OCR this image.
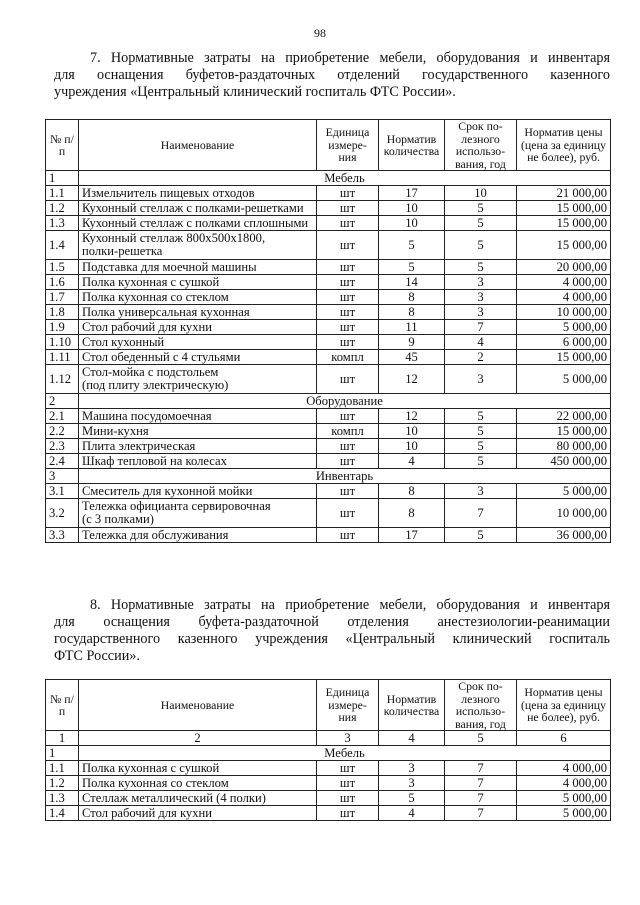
98
7. Нормативные затраты на приобретение мебели, оборудования и инвентаря
для оснащения буфетов-раздаточных отделений государственного казенного
учреждения «Центральный клинический госпиталь ФТС России».
№ п/п	Наименование	Единица измере-ния	Норматив количества	Срок по-лезного использо-вания, год	Норматив цены (цена за единицу не более), руб.
1	Мебель				
1.1	Измельчитель пищевых отходов	шт	17	10	21 000,00
1.2	Кухонный стеллаж с полками-решетками	шт	10	5	15 000,00
1.3	Кухонный стеллаж с полками сплошными	шт	10	5	15 000,00
1.4	Кухонный стеллаж 800х500х1800,
полки-решетка	шт	5	5	15 000,00
1.5	Подставка для моечной машины	шт	5	5	20 000,00
1.6	Полка кухонная с сушкой	шт	14	3	4 000,00
1.7	Полка кухонная со стеклом	шт	8	3	4 000,00
1.8	Полка универсальная кухонная	шт	8	3	10 000,00
1.9	Стол рабочий для кухни	шт	11	7	5 000,00
1.10	Стол кухонный	шт	9	4	6 000,00
1.11	Стол обеденный с 4 стульями	компл	45	2	15 000,00
1.12	Стол-мойка с подстольем
(под плиту электрическую)	шт	12	3	5 000,00
2	Оборудование				
2.1	Машина посудомоечная	шт	12	5	22 000,00
2.2	Мини-кухня	компл	10	5	15 000,00
2.3	Плита электрическая	шт	10	5	80 000,00
2.4	Шкаф тепловой на колесах	шт	4	5	450 000,00
3	Инвентарь				
3.1	Смеситель для кухонной мойки	шт	8	3	5 000,00
3.2	Тележка официанта сервировочная
(с 3 полками)	шт	8	7	10 000,00
3.3	Тележка для обслуживания	шт	17	5	36 000,00
8. Нормативные затраты на приобретение мебели, оборудования и инвентаря
для оснащения буфета-раздаточной отделения анестезиологии-реанимации
государственного казенного учреждения «Центральный клинический госпиталь
ФТС России».
№ п/п	Наименование	Единица измере-ния	Норматив количества	Срок по-лезного использо-вания, год	Норматив цены (цена за единицу не более), руб.
1	2	3	4	5	6
1	Мебель				
1.1	Полка кухонная с сушкой	шт	3	7	4 000,00
1.2	Полка кухонная со стеклом	шт	3	7	4 000,00
1.3	Стеллаж металлический (4 полки)	шт	5	7	5 000,00
1.4	Стол рабочий для кухни	шт	4	7	5 000,00
